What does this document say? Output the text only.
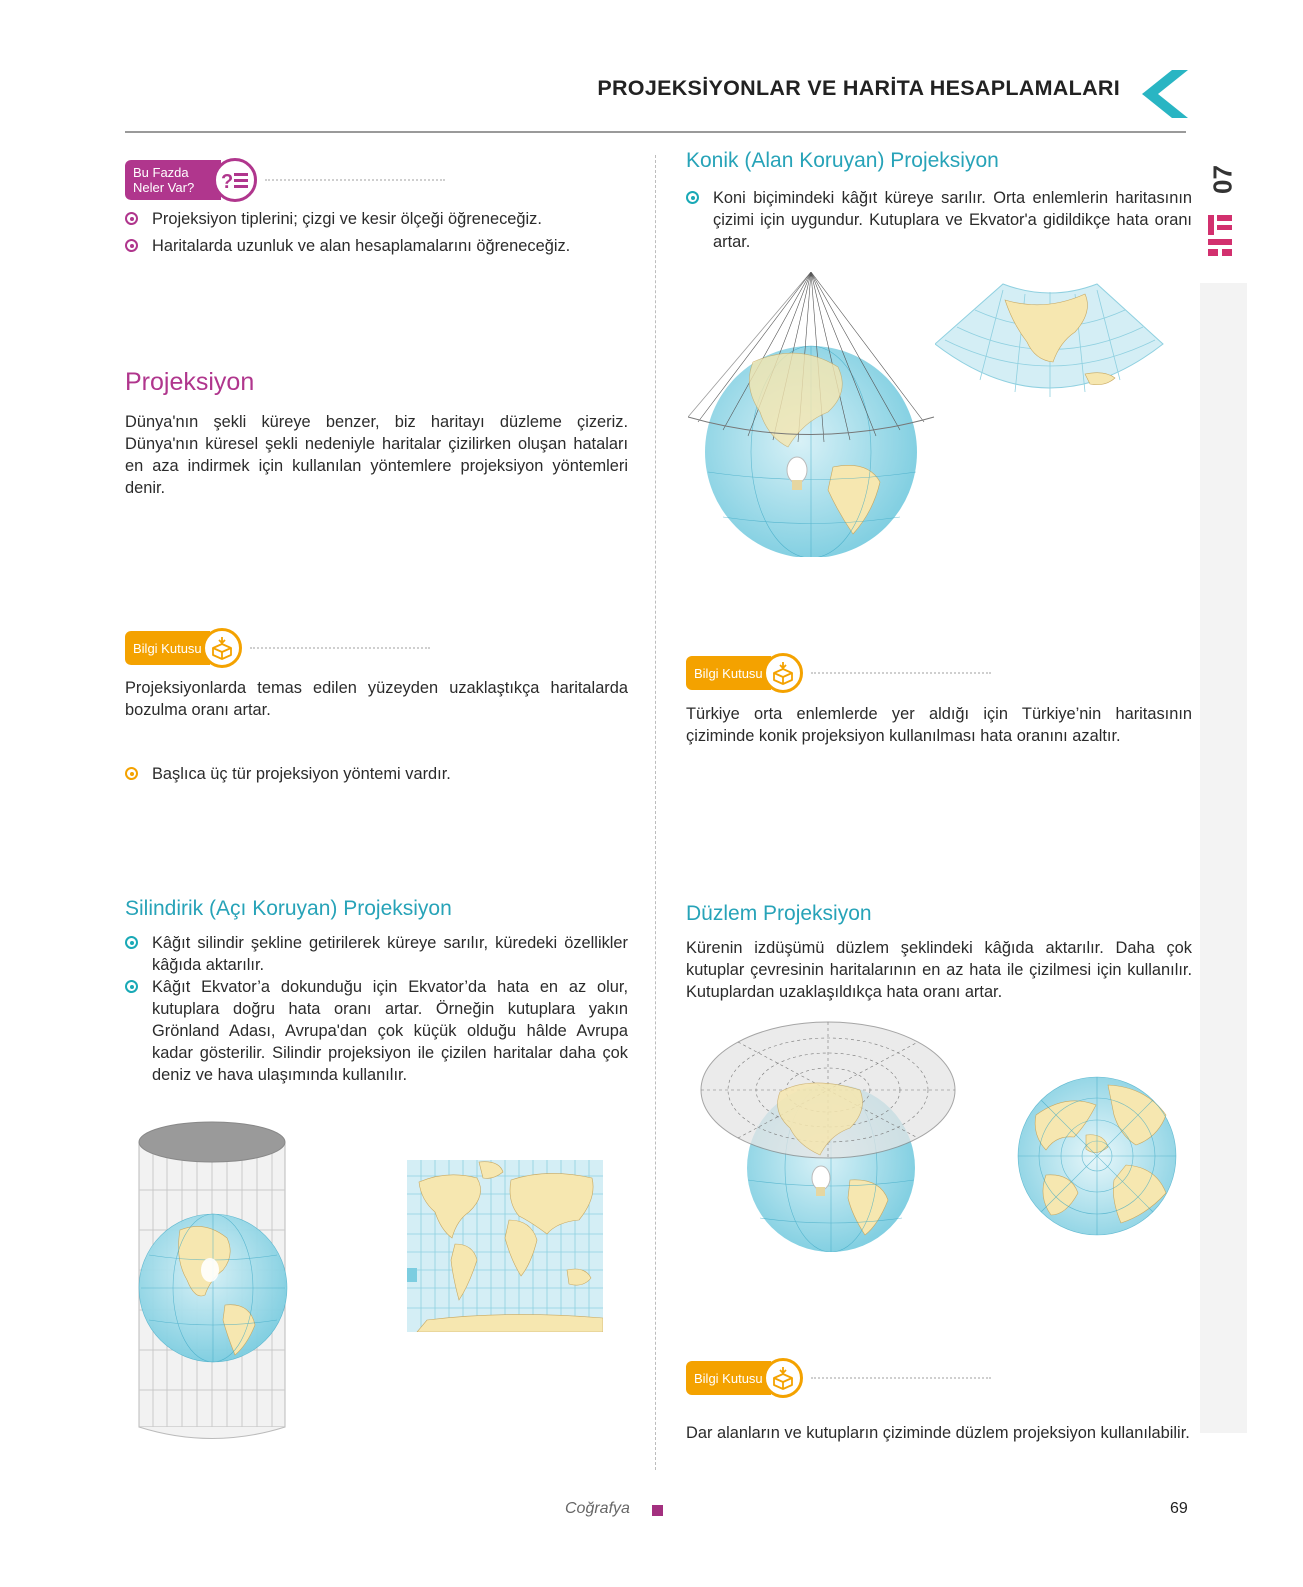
PROJEKSİYONLAR VE HARİTA HESAPLAMALARI
07
Bu Fazda
Neler Var? ?
Projeksiyon tiplerini; çizgi ve kesir ölçeği öğreneceğiz.
Haritalarda uzunluk ve alan hesaplamalarını öğreneceğiz.
Projeksiyon

Dünya'nın şekli küreye benzer, biz haritayı düzleme çizeriz. Dünya'nın küresel şekli nedeniyle haritalar çizilirken oluşan hataları en aza indirmek için kullanılan yöntemlere projeksiyon yöntemleri denir.

Bilgi Kutusu

Projeksiyonlarda temas edilen yüzeyden uzaklaştıkça haritalarda bozulma oranı artar.

Başlıca üç tür projeksiyon yöntemi vardır.
Silindirik (Açı Koruyan) Projeksiyon
Kâğıt silindir şekline getirilerek küreye sarılır, küredeki özellikler kâğıda aktarılır.
Kâğıt Ekvator’a dokunduğu için Ekvator’da hata en az olur, kutuplara doğru hata oranı artar. Örneğin kutuplara yakın Grönland Adası, Avrupa'dan çok küçük olduğu hâlde Avrupa kadar gösterilir. Silindir projeksiyon ile çizilen haritalar daha çok deniz ve hava ulaşımında kullanılır.
Konik (Alan Koruyan) Projeksiyon
Koni biçimindeki kâğıt küreye sarılır. Orta enlemlerin haritasının çizimi için uygundur. Kutuplara ve Ekvator'a gidildikçe hata oranı artar.
Bilgi Kutusu

Türkiye orta enlemlerde yer aldığı için Türkiye’nin haritasının çiziminde konik projeksiyon kullanılması hata oranını azaltır.

Düzlem Projeksiyon

Kürenin izdüşümü düzlem şeklindeki kâğıda aktarılır. Daha çok kutuplar çevresinin haritalarının en az hata ile çizilmesi için kullanılır. Kutuplardan uzaklaşıldıkça hata oranı artar.

Bilgi Kutusu

Dar alanların ve kutupların çiziminde düzlem projeksiyon kullanılabilir.

Coğrafya	69
